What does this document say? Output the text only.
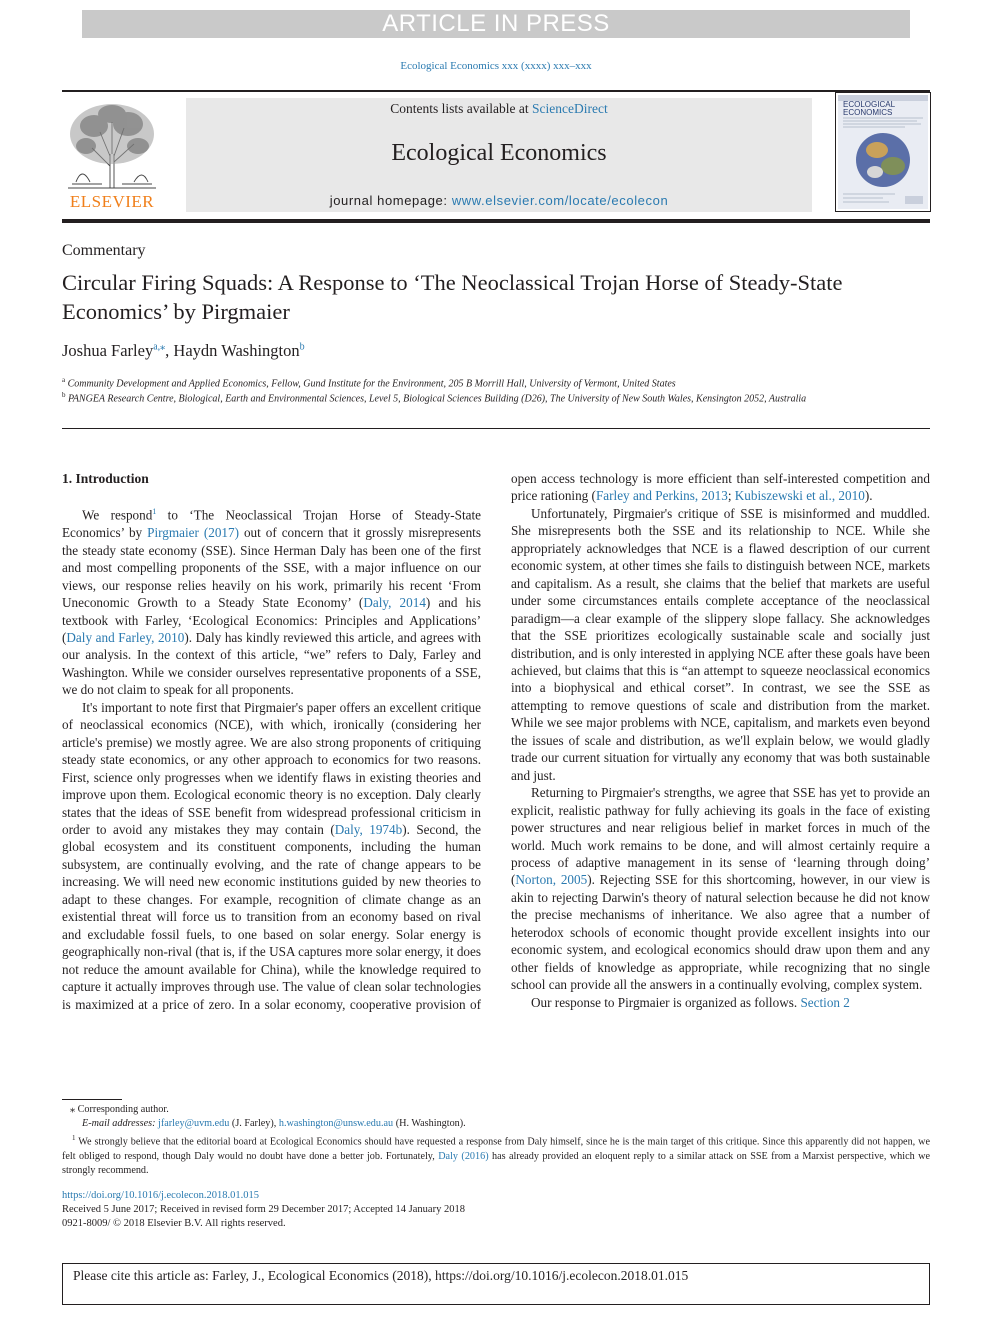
ARTICLE IN PRESS
Ecological Economics xxx (xxxx) xxx–xxx
ELSEVIER
Contents lists available at ScienceDirect
Ecological Economics
journal homepage: www.elsevier.com/locate/ecolecon
ECOLOGICAL
ECONOMICS
Commentary
Circular Firing Squads: A Response to ‘The Neoclassical Trojan Horse of Steady-State Economics’ by Pirgmaier
Joshua Farley$^{a,⁎}$, Haydn Washington$^b$
$^a$ Community Development and Applied Economics, Fellow, Gund Institute for the Environment, 205 B Morrill Hall, University of Vermont, United States
$^b$ PANGEA Research Centre, Biological, Earth and Environmental Sciences, Level 5, Biological Sciences Building (D26), The University of New South Wales, Kensington 2052, Australia
1. Introduction

We respond$^1$ to ‘The Neoclassical Trojan Horse of Steady-State Economics’ by Pirgmaier (2017) out of concern that it grossly misrepresents the steady state economy (SSE). Since Herman Daly has been one of the first and most compelling proponents of the SSE, with a major influence on our views, our response relies heavily on his work, primarily his recent ‘From Uneconomic Growth to a Steady State Economy’ (Daly, 2014) and his textbook with Farley, ‘Ecological Economics: Principles and Applications’ (Daly and Farley, 2010). Daly has kindly reviewed this article, and agrees with our analysis. In the context of this article, “we” refers to Daly, Farley and Washington. While we consider ourselves representative proponents of a SSE, we do not claim to speak for all proponents.

It's important to note first that Pirgmaier's paper offers an excellent critique of neoclassical economics (NCE), with which, ironically (considering her article's premise) we mostly agree. We are also strong proponents of critiquing steady state economics, or any other approach to economics for two reasons. First, science only progresses when we identify flaws in existing theories and improve upon them. Ecological economic theory is no exception. Daly clearly states that the ideas of SSE benefit from widespread professional criticism in order to avoid any mistakes they may contain (Daly, 1974b). Second, the global ecosystem and its constituent components, including the human subsystem, are continually evolving, and the rate of change appears to be increasing. We will need new economic institutions guided by new theories to adapt to these changes. For example, recognition of climate change as an existential threat will force us to transition from an economy based on rival and excludable fossil fuels, to one based on solar energy. Solar energy is geographically non-rival (that is, if the USA captures more solar energy, it does not reduce the amount available for China), while the knowledge required to capture it actually improves through use. The value of clean solar technologies is maximized at a price of zero. In a solar economy, cooperative provision of

open access technology is more efficient than self-interested competition and price rationing (Farley and Perkins, 2013; Kubiszewski et al., 2010).

Unfortunately, Pirgmaier's critique of SSE is misinformed and muddled. She misrepresents both the SSE and its relationship to NCE. While she appropriately acknowledges that NCE is a flawed description of our current economic system, at other times she fails to distinguish between NCE, markets and capitalism. As a result, she claims that the belief that markets are useful under some circumstances entails complete acceptance of the neoclassical paradigm—a clear example of the slippery slope fallacy. She acknowledges that the SSE prioritizes ecologically sustainable scale and socially just distribution, and is only interested in applying NCE after these goals have been achieved, but claims that this is “an attempt to squeeze neoclassical economics into a biophysical and ethical corset”. In contrast, we see the SSE as attempting to remove questions of scale and distribution from the market. While we see major problems with NCE, capitalism, and markets even beyond the issues of scale and distribution, as we'll explain below, we would gladly trade our current situation for virtually any economy that was both sustainable and just.

Returning to Pirgmaier's strengths, we agree that SSE has yet to provide an explicit, realistic pathway for fully achieving its goals in the face of existing power structures and near religious belief in market forces in much of the world. Much work remains to be done, and will almost certainly require a process of adaptive management in its sense of ‘learning through doing’ (Norton, 2005). Rejecting SSE for this shortcoming, however, in our view is akin to rejecting Darwin's theory of natural selection because he did not know the precise mechanisms of inheritance. We also agree that a number of heterodox schools of economic thought provide excellent insights into our economic system, and ecological economics should draw upon them and any other fields of knowledge as appropriate, while recognizing that no single school can provide all the answers in a continually evolving, complex system.

Our response to Pirgmaier is organized as follows. Section 2

⁎ Corresponding author.
E-mail addresses: jfarley@uvm.edu (J. Farley), h.washington@unsw.edu.au (H. Washington).
$^1$ We strongly believe that the editorial board at Ecological Economics should have requested a response from Daly himself, since he is the main target of this critique. Since this apparently did not happen, we felt obliged to respond, though Daly would no doubt have done a better job. Fortunately, Daly (2016) has already provided an eloquent reply to a similar attack on SSE from a Marxist perspective, which we strongly recommend.
https://doi.org/10.1016/j.ecolecon.2018.01.015
Received 5 June 2017; Received in revised form 29 December 2017; Accepted 14 January 2018
0921-8009/ © 2018 Elsevier B.V. All rights reserved.
Please cite this article as: Farley, J., Ecological Economics (2018), https://doi.org/10.1016/j.ecolecon.2018.01.015
